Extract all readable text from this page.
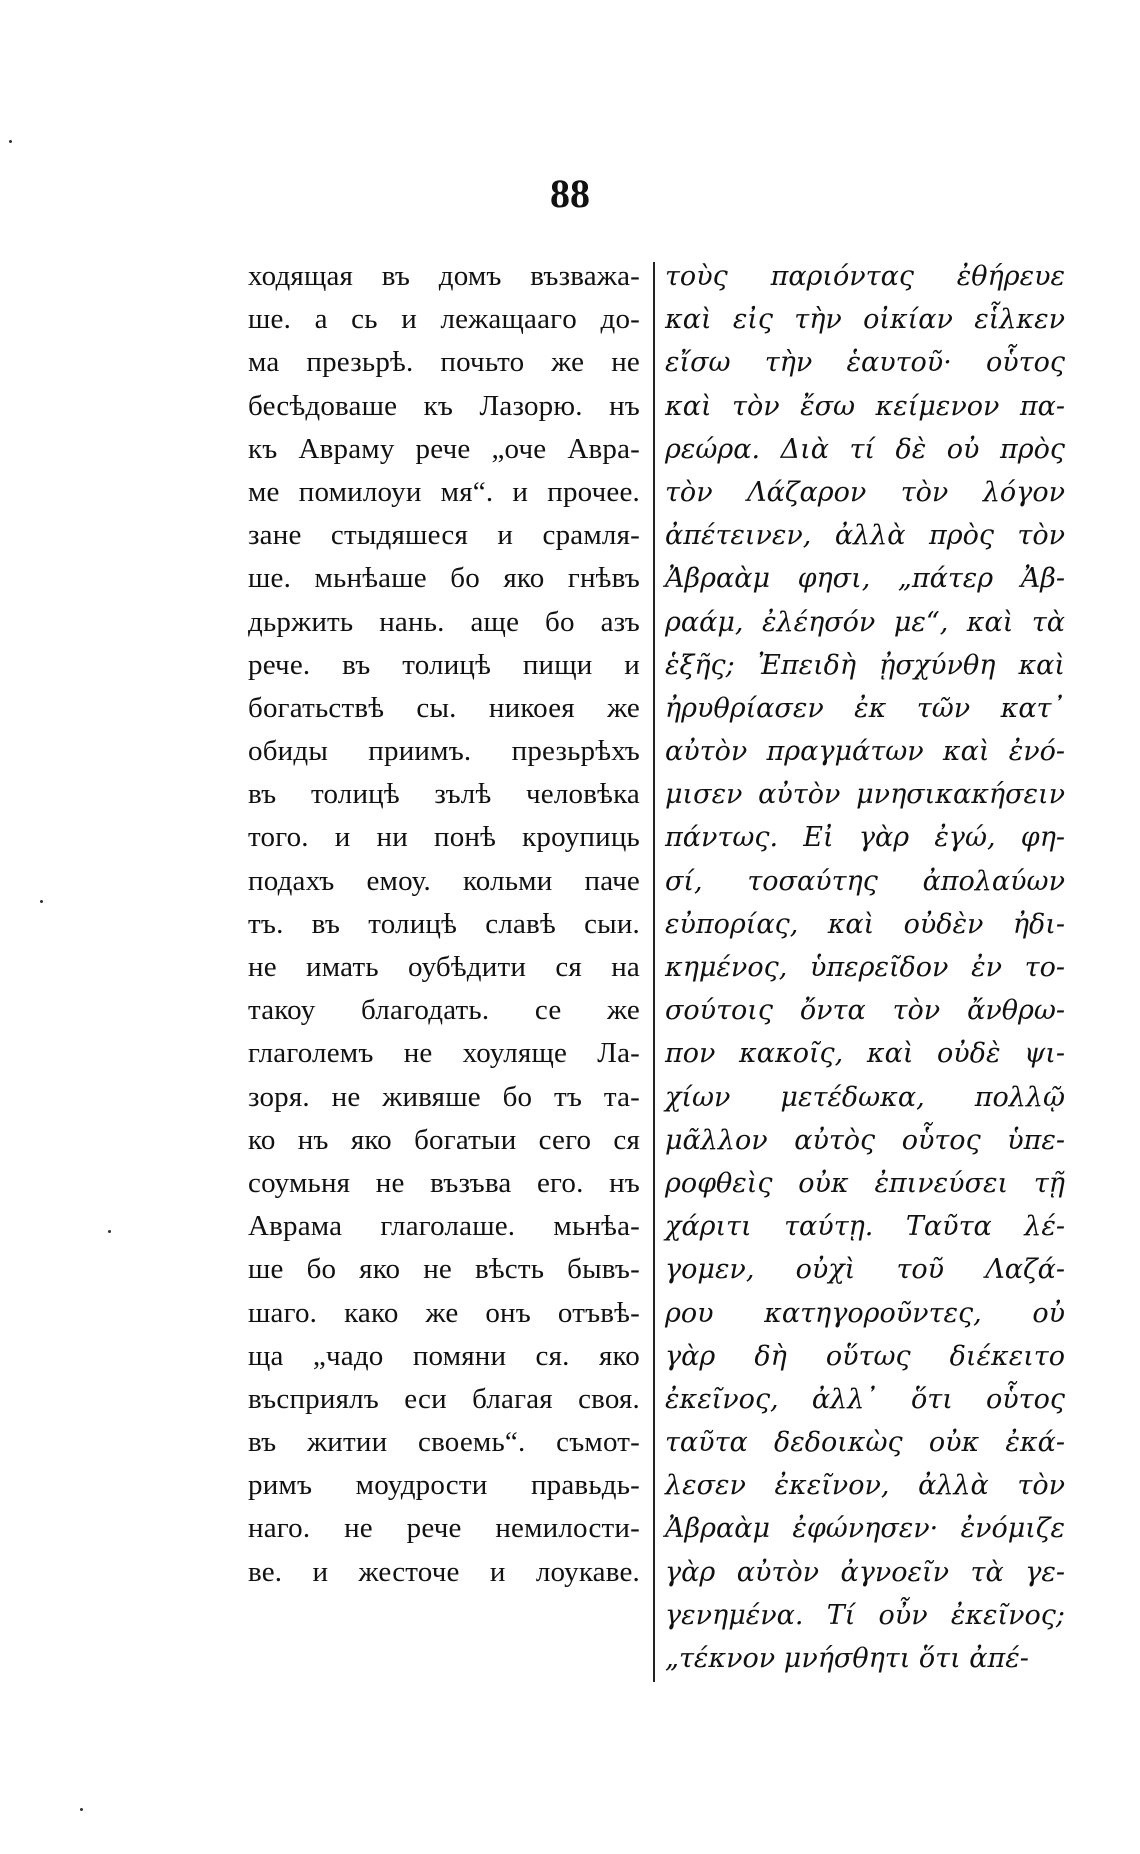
88
ходящая въ домъ възважа-
ше. а сь и лежащаагo до-
ма презьрѣ. почьто же не
бесѣдоваше къ Лазорю. нъ
къ Авраму рече „оче Авра-
ме помилоуи мя“. и прочее.
зане стыдяшеся и срамля-
ше. мьнѣаше бо яко гнѣвъ
дьржить нань. аще бо азъ
рече. въ толицѣ пищи и
богатьствѣ сы. никоея же
обиды приимъ. презьрѣхъ
въ толицѣ зълѣ человѣка
того. и ни понѣ кроупиць
подахъ емоу. кольми паче
тъ. въ толицѣ славѣ сыи.
не имать оубѣдити ся на
такоу благодать. се же
глаголемъ не хоуляще Ла-
зоря. не живяше бо тъ та-
ко нъ яко богатыи сего ся
соумьня не възъва его. нъ
Аврама глаголаше. мьнѣа-
ше бо яко не вѣсть бывъ-
шаго. како же онъ отъвѣ-
ща „чадо помяни ся. яко
въсприялъ еси благая своя.
въ житии своемь“. съмот-
римъ моудрости правьдь-
наго. не рече немилости-
ве. и жесточе и лоукаве.
τοὺς παριόντας ἐθήρευε
καὶ εἰς τὴν οἰκίαν εἷλκεν
εἴσω τὴν ἑαυτοῦ· οὗτος
καὶ τὸν ἔσω κείμενον πα-
ρεώρα. Διὰ τί δὲ οὐ πρὸς
τὸν Λάζαρον τὸν λόγον
ἀπέτεινεν, ἀλλὰ πρὸς τὸν
Ἀβραὰμ φησι, „πάτερ Ἀβ-
ραάμ, ἐλέησόν με“, καὶ τὰ
ἑξῆς; Ἐπειδὴ ᾐσχύνθη καὶ
ἠρυθρίασεν ἐκ τῶν κατ᾿
αὐτὸν πραγμάτων καὶ ἐνό-
μισεν αὐτὸν μνησικακήσειν
πάντως. Εἰ γὰρ ἐγώ, φη-
σί, τοσαύτης ἀπολαύων
εὐπορίας, καὶ οὐδὲν ἠδι-
κημένος, ὑπερεῖδον ἐν το-
σούτοις ὄντα τὸν ἄνθρω-
πον κακοῖς, καὶ οὐδὲ ψι-
χίων μετέδωκα, πολλῷ
μᾶλλον αὐτὸς οὗτος ὑπε-
ροφθεὶς οὐκ ἐπινεύσει τῇ
χάριτι ταύτῃ. Ταῦτα λέ-
γομεν, οὐχὶ τοῦ Λαζά-
ρου κατηγοροῦντες, οὐ
γὰρ δὴ οὕτως διέκειτο
ἐκεῖνος, ἀλλ᾿ ὅτι οὗτος
ταῦτα δεδοικὼς οὐκ ἐκά-
λεσεν ἐκεῖνον, ἀλλὰ τὸν
Ἀβραὰμ ἐφώνησεν· ἐνόμιζε
γὰρ αὐτὸν ἀγνοεῖν τὰ γε-
γενημένα. Τί οὖν ἐκεῖνος;
„τέκνον μνήσθητι ὅτι ἀπέ-
